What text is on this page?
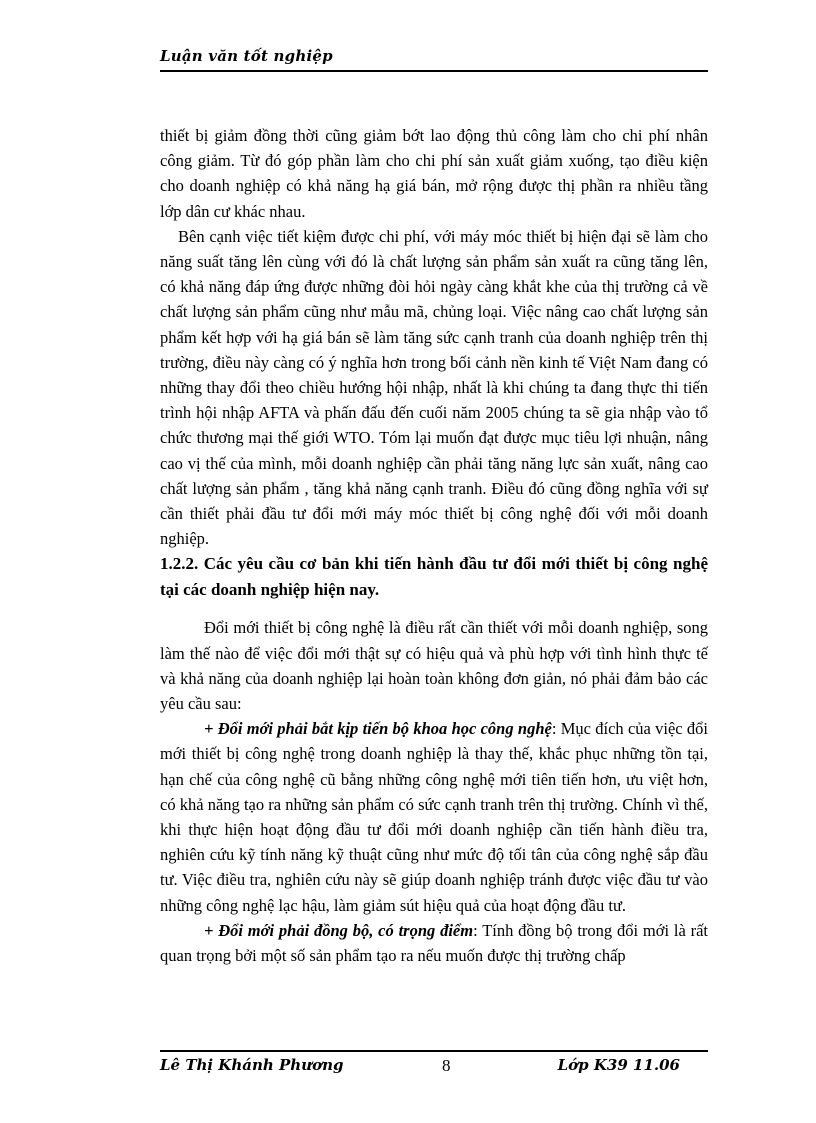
Luận văn tốt nghiệp

thiết bị giảm đồng thời cũng giảm bớt lao động thủ công làm cho chi phí nhân công giảm. Từ đó góp phần làm cho chi phí sản xuất giảm xuống, tạo điều kiện cho doanh nghiệp có khả năng hạ giá bán, mở rộng được thị phần ra nhiều tầng lớp dân cư khác nhau.

Bên cạnh việc tiết kiệm được chi phí, với máy móc thiết bị hiện đại sẽ làm cho năng suất tăng lên cùng với đó là chất lượng sản phẩm sản xuất ra cũng tăng lên, có khả năng đáp ứng được những đòi hỏi ngày càng khắt khe của thị trường cả về chất lượng sản phẩm cũng như mẫu mã, chủng loại. Việc nâng cao chất lượng sản phẩm kết hợp với hạ giá bán sẽ làm tăng sức cạnh tranh của doanh nghiệp trên thị trường, điều này càng có ý nghĩa hơn trong bối cảnh nền kinh tế Việt Nam đang có những thay đổi theo chiều hướng hội nhập, nhất là khi chúng ta đang thực thi tiến trình hội nhập AFTA và phấn đấu đến cuối năm 2005 chúng ta sẽ gia nhập vào tổ chức thương mại thế giới WTO. Tóm lại muốn đạt được mục tiêu lợi nhuận, nâng cao vị thế của mình, mỗi doanh nghiệp cần phải tăng năng lực sản xuất, nâng cao chất lượng sản phẩm , tăng khả năng cạnh tranh. Điều đó cũng đồng nghĩa với sự cần thiết phải đầu tư đổi mới máy móc thiết bị công nghệ đối với mỗi doanh nghiệp.

1.2.2. Các yêu cầu cơ bản khi tiến hành đầu tư đổi mới thiết bị công nghệ tại các doanh nghiệp hiện nay.

Đổi mới thiết bị công nghệ là điều rất cần thiết với mỗi doanh nghiệp, song làm thế nào để việc đổi mới thật sự có hiệu quả và phù hợp với tình hình thực tế và khả năng của doanh nghiệp lại hoàn toàn không đơn giản, nó phải đảm bảo các yêu cầu sau:

+ Đổi mới phải bắt kịp tiến bộ khoa học công nghệ: Mục đích của việc đổi mới thiết bị công nghệ trong doanh nghiệp là thay thế, khắc phục những tồn tại, hạn chế của công nghệ cũ bằng những công nghệ mới tiên tiến hơn, ưu việt hơn, có khả năng tạo ra những sản phẩm có sức cạnh tranh trên thị trường. Chính vì thế, khi thực hiện hoạt động đầu tư đổi mới doanh nghiệp cần tiến hành điều tra, nghiên cứu kỹ tính năng kỹ thuật cũng như mức độ tối tân của công nghệ sắp đầu tư. Việc điều tra, nghiên cứu này sẽ giúp doanh nghiệp tránh được việc đầu tư vào những công nghệ lạc hậu, làm giảm sút hiệu quả của hoạt động đầu tư.

+ Đổi mới phải đồng bộ, có trọng điểm: Tính đồng bộ trong đổi mới là rất quan trọng bởi một số sản phẩm tạo ra nếu muốn được thị trường chấp

Lê Thị Khánh Phương	8	Lớp K39 11.06
